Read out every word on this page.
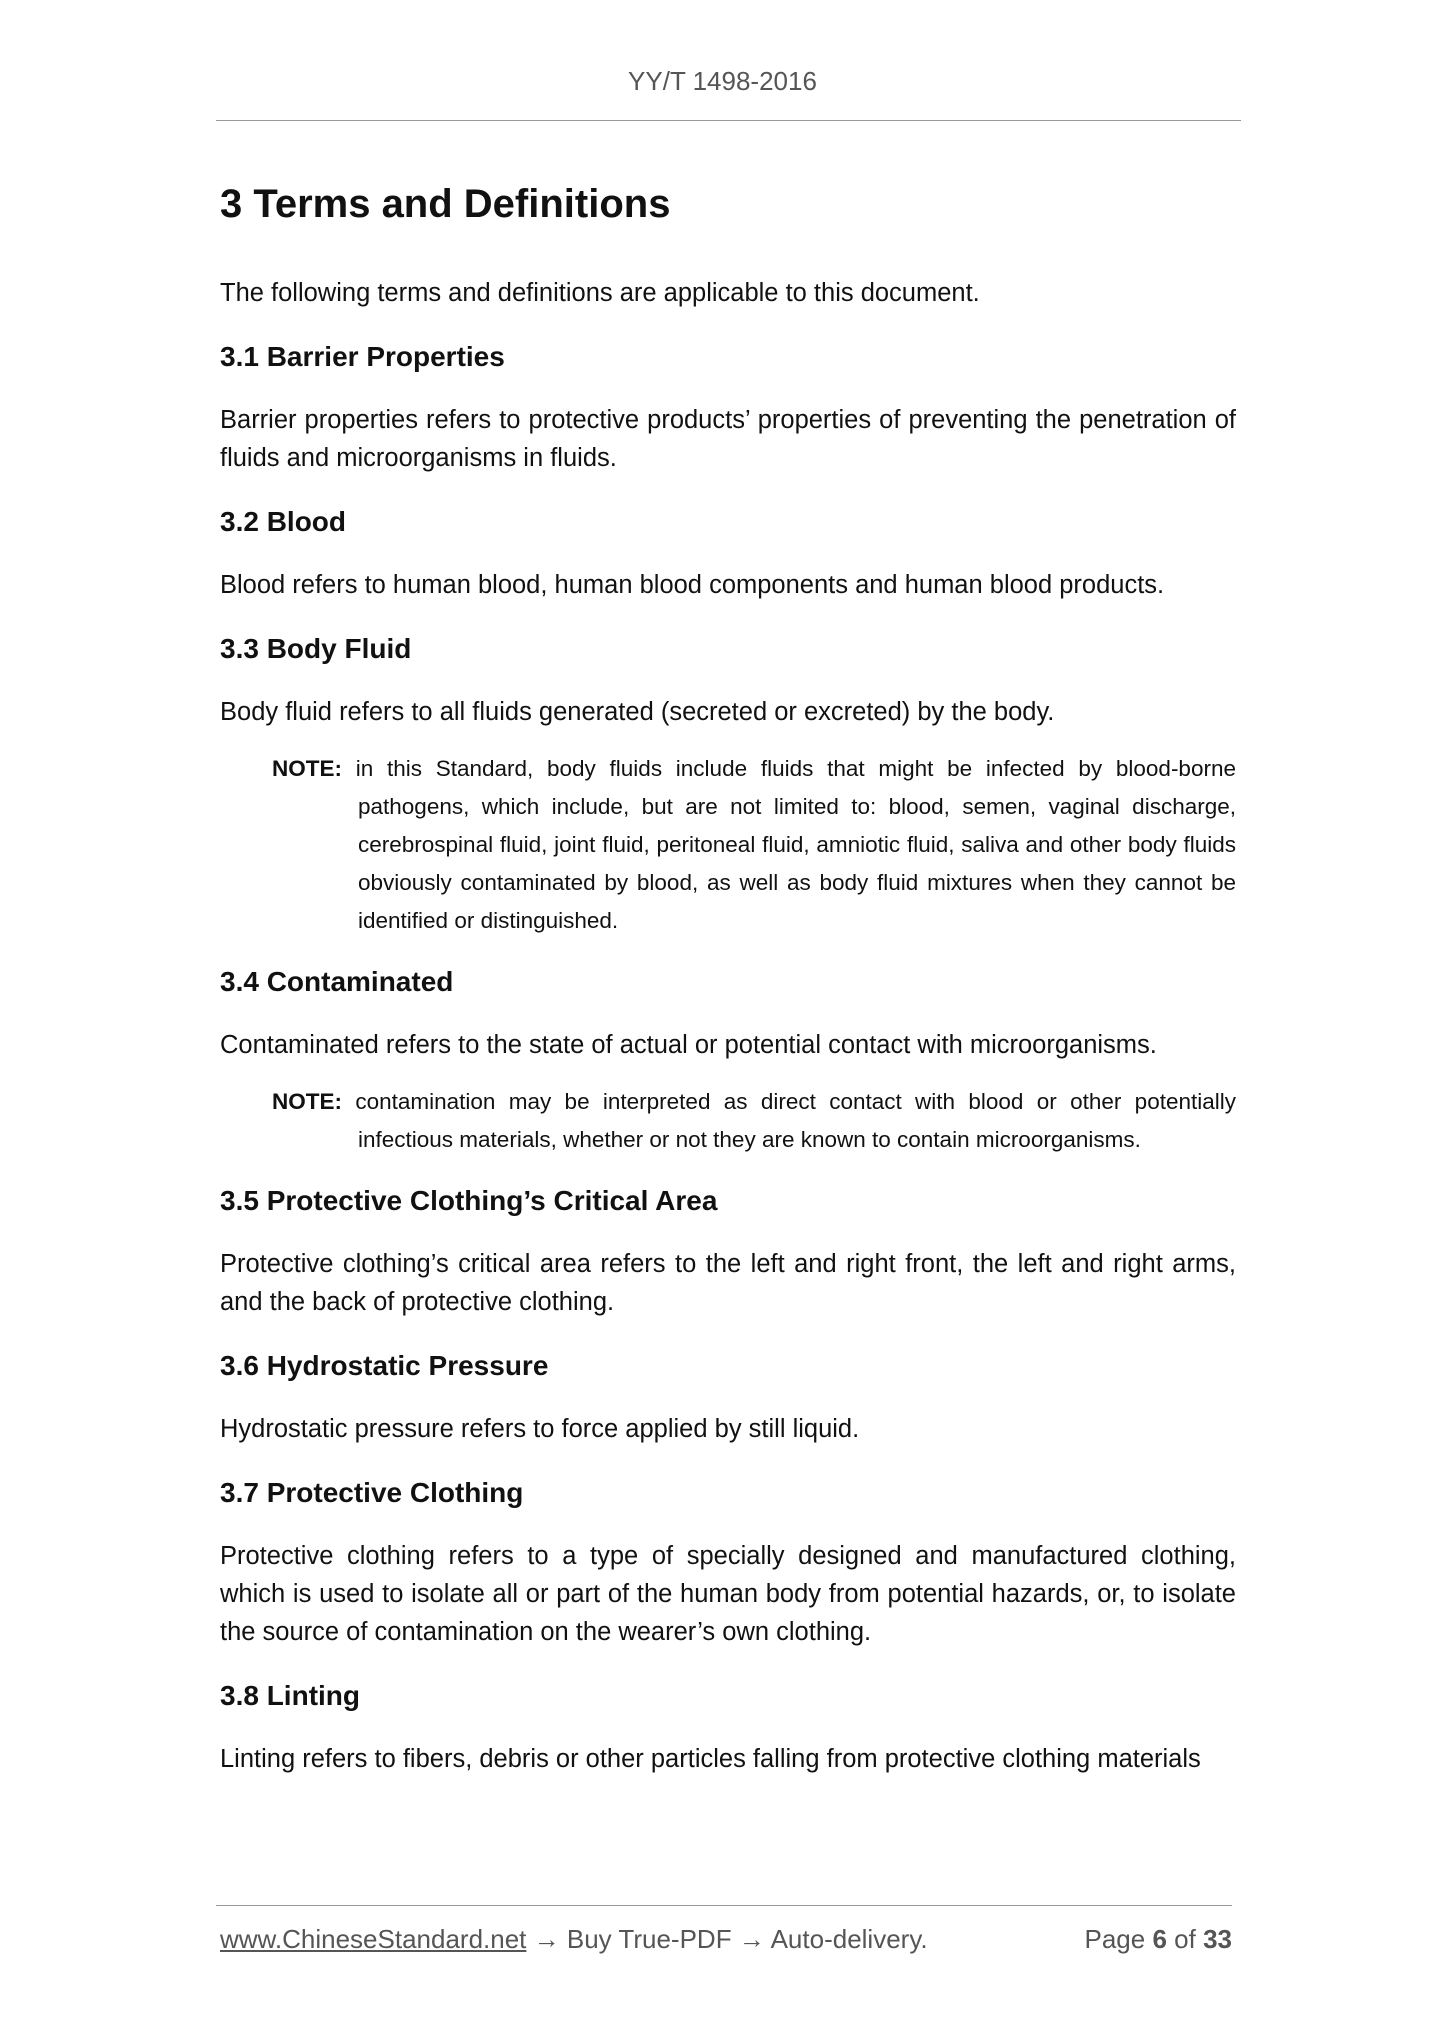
YY/T 1498-2016
3 Terms and Definitions

The following terms and definitions are applicable to this document.

3.1 Barrier Properties

Barrier properties refers to protective products’ properties of preventing the penetration of fluids and microorganisms in fluids.

3.2 Blood

Blood refers to human blood, human blood components and human blood products.

3.3 Body Fluid

Body fluid refers to all fluids generated (secreted or excreted) by the body.

NOTE: in this Standard, body fluids include fluids that might be infected by blood-borne pathogens, which include, but are not limited to: blood, semen, vaginal discharge, cerebrospinal fluid, joint fluid, peritoneal fluid, amniotic fluid, saliva and other body fluids obviously contaminated by blood, as well as body fluid mixtures when they cannot be identified or distinguished.

3.4 Contaminated

Contaminated refers to the state of actual or potential contact with microorganisms.

NOTE: contamination may be interpreted as direct contact with blood or other potentially infectious materials, whether or not they are known to contain microorganisms.

3.5 Protective Clothing’s Critical Area

Protective clothing’s critical area refers to the left and right front, the left and right arms, and the back of protective clothing.

3.6 Hydrostatic Pressure

Hydrostatic pressure refers to force applied by still liquid.

3.7 Protective Clothing

Protective clothing refers to a type of specially designed and manufactured clothing, which is used to isolate all or part of the human body from potential hazards, or, to isolate the source of contamination on the wearer’s own clothing.

3.8 Linting

Linting refers to fibers, debris or other particles falling from protective clothing materials

www.ChineseStandard.net → Buy True-PDF → Auto-delivery.	Page 6 of 33
